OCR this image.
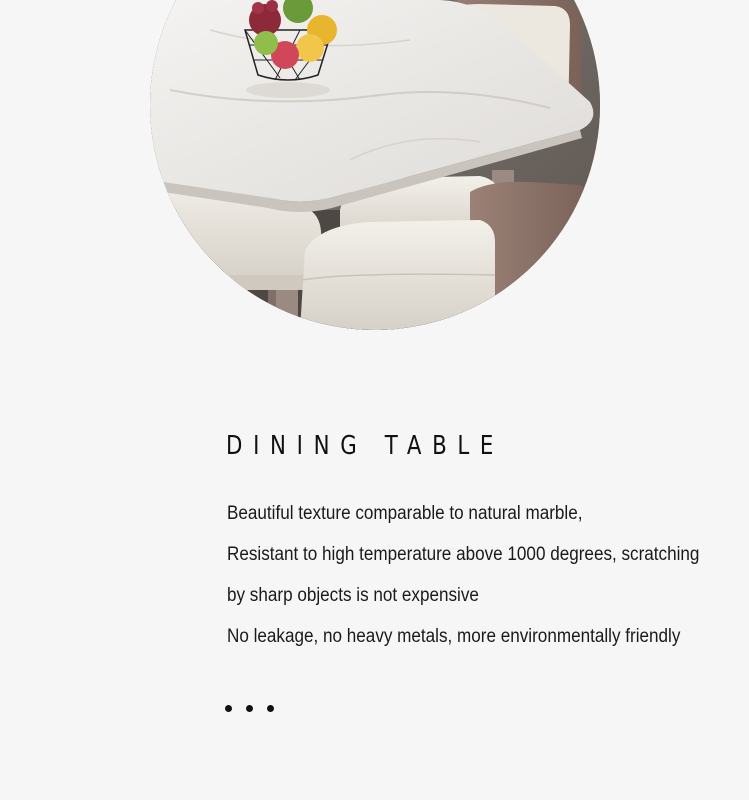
DINING TABLE
Beautiful texture comparable to natural marble,
Resistant to high temperature above 1000 degrees, scratching
by sharp objects is not expensive
No leakage, no heavy metals, more environmentally friendly
